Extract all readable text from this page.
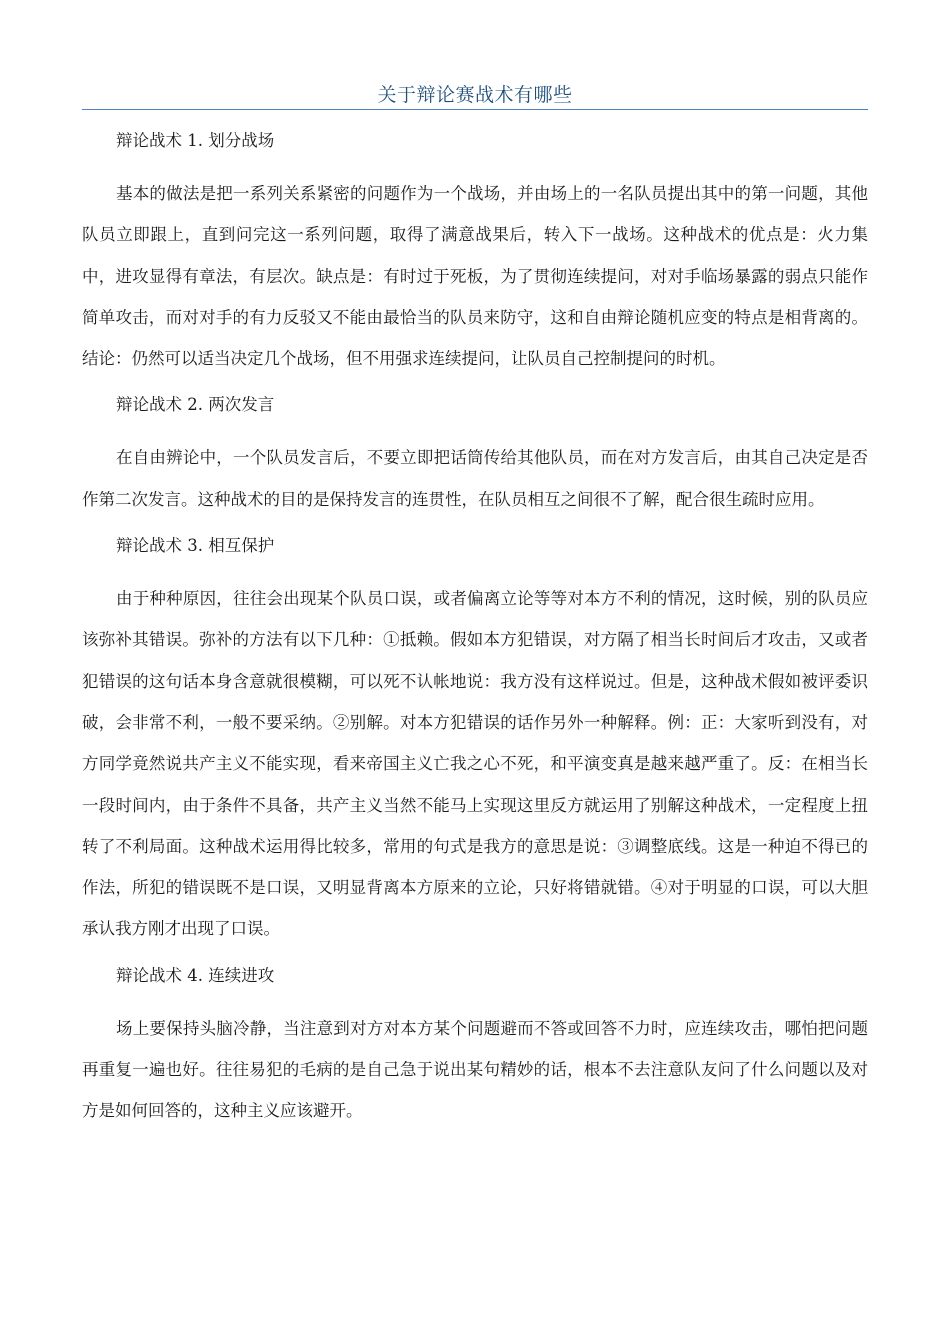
关于辩论赛战术有哪些

辩论战术 1. 划分战场

基本的做法是把一系列关系紧密的问题作为一个战场，并由场上的一名队员提出其中的第一问题，其他队员立即跟上，直到问完这一系列问题，取得了满意战果后，转入下一战场。这种战术的优点是：火力集中，进攻显得有章法，有层次。缺点是：有时过于死板，为了贯彻连续提问，对对手临场暴露的弱点只能作简单攻击，而对对手的有力反驳又不能由最恰当的队员来防守，这和自由辩论随机应变的特点是相背离的。结论：仍然可以适当决定几个战场，但不用强求连续提问，让队员自己控制提问的时机。

辩论战术 2. 两次发言

在自由辨论中，一个队员发言后，不要立即把话筒传给其他队员，而在对方发言后，由其自己决定是否作第二次发言。这种战术的目的是保持发言的连贯性，在队员相互之间很不了解，配合很生疏时应用。

辩论战术 3. 相互保护

由于种种原因，往往会出现某个队员口误，或者偏离立论等等对本方不利的情况，这时候，别的队员应该弥补其错误。弥补的方法有以下几种：①抵赖。假如本方犯错误，对方隔了相当长时间后才攻击，又或者犯错误的这句话本身含意就很模糊，可以死不认帐地说：我方没有这样说过。但是，这种战术假如被评委识破，会非常不利，一般不要采纳。②别解。对本方犯错误的话作另外一种解释。例：正：大家听到没有，对方同学竟然说共产主义不能实现，看来帝国主义亡我之心不死，和平演变真是越来越严重了。反：在相当长一段时间内，由于条件不具备，共产主义当然不能马上实现这里反方就运用了别解这种战术，一定程度上扭转了不利局面。这种战术运用得比较多，常用的句式是我方的意思是说：③调整底线。这是一种迫不得已的作法，所犯的错误既不是口误，又明显背离本方原来的立论，只好将错就错。④对于明显的口误，可以大胆承认我方刚才出现了口误。

辩论战术 4. 连续进攻

场上要保持头脑冷静，当注意到对方对本方某个问题避而不答或回答不力时，应连续攻击，哪怕把问题再重复一遍也好。往往易犯的毛病的是自己急于说出某句精妙的话，根本不去注意队友问了什么问题以及对方是如何回答的，这种主义应该避开。
